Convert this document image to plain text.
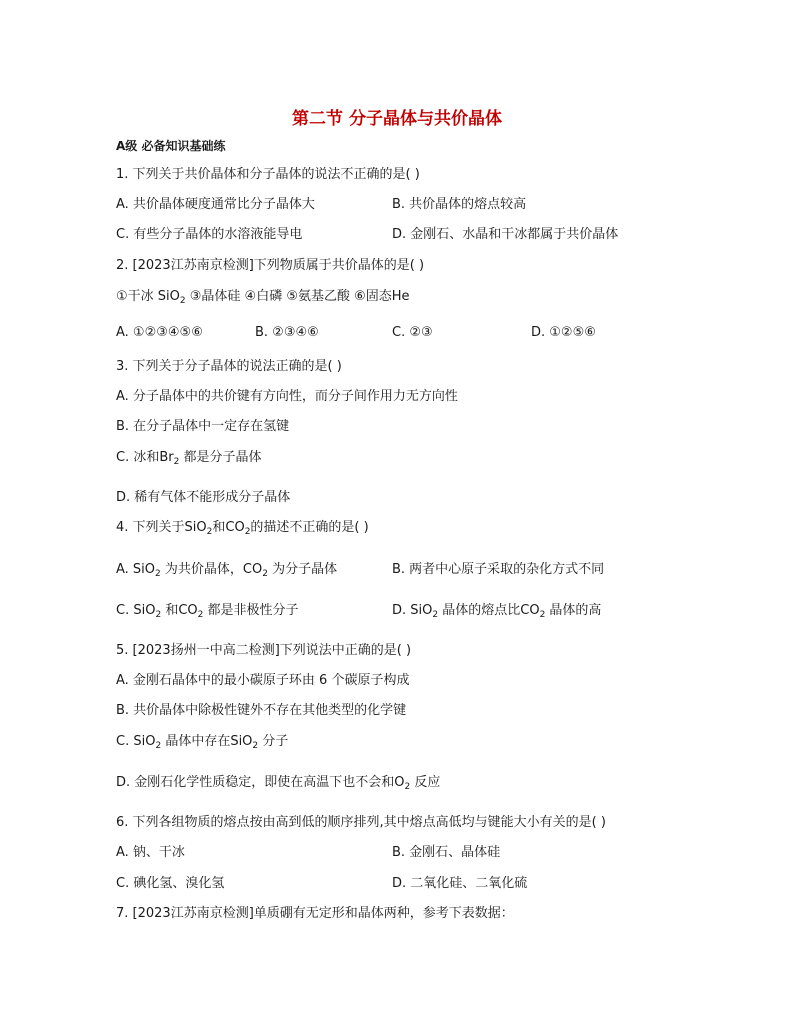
第二节 分子晶体与共价晶体
A级 必备知识基础练
1. 下列关于共价晶体和分子晶体的说法不正确的是( )
A. 共价晶体硬度通常比分子晶体大	B. 共价晶体的熔点较高
C. 有些分子晶体的水溶液能导电	D. 金刚石、水晶和干冰都属于共价晶体
2. [2023江苏南京检测]下列物质属于共价晶体的是( )
①干冰 SiO$_2$ ③晶体硅 ④白磷 ⑤氨基乙酸 ⑥固态He
A. ①②③④⑤⑥	B. ②③④⑥	C. ②③	D. ①②⑤⑥
3. 下列关于分子晶体的说法正确的是( )
A. 分子晶体中的共价键有方向性，而分子间作用力无方向性
B. 在分子晶体中一定存在氢键
C. 冰和$Br_2$ 都是分子晶体
D. 稀有气体不能形成分子晶体
4. 下列关于SiO$_2$和$CO_2$的描述不正确的是( )
A. SiO$_2$ 为共价晶体，$CO_2$ 为分子晶体	B. 两者中心原子采取的杂化方式不同
C. SiO$_2$ 和$CO_2$ 都是非极性分子	D. SiO$_2$ 晶体的熔点比$CO_2$ 晶体的高
5. [2023扬州一中高二检测]下列说法中正确的是( )
A. 金刚石晶体中的最小碳原子环由 6 个碳原子构成
B. 共价晶体中除极性键外不存在其他类型的化学键
C. SiO$_2$ 晶体中存在SiO$_2$ 分子
D. 金刚石化学性质稳定，即使在高温下也不会和$O_2$ 反应
6. 下列各组物质的熔点按由高到低的顺序排列,其中熔点高低均与键能大小有关的是( )
A. 钠、干冰	B. 金刚石、晶体硅
C. 碘化氢、溴化氢	D. 二氧化硅、二氧化硫
7. [2023江苏南京检测]单质硼有无定形和晶体两种，参考下表数据：
